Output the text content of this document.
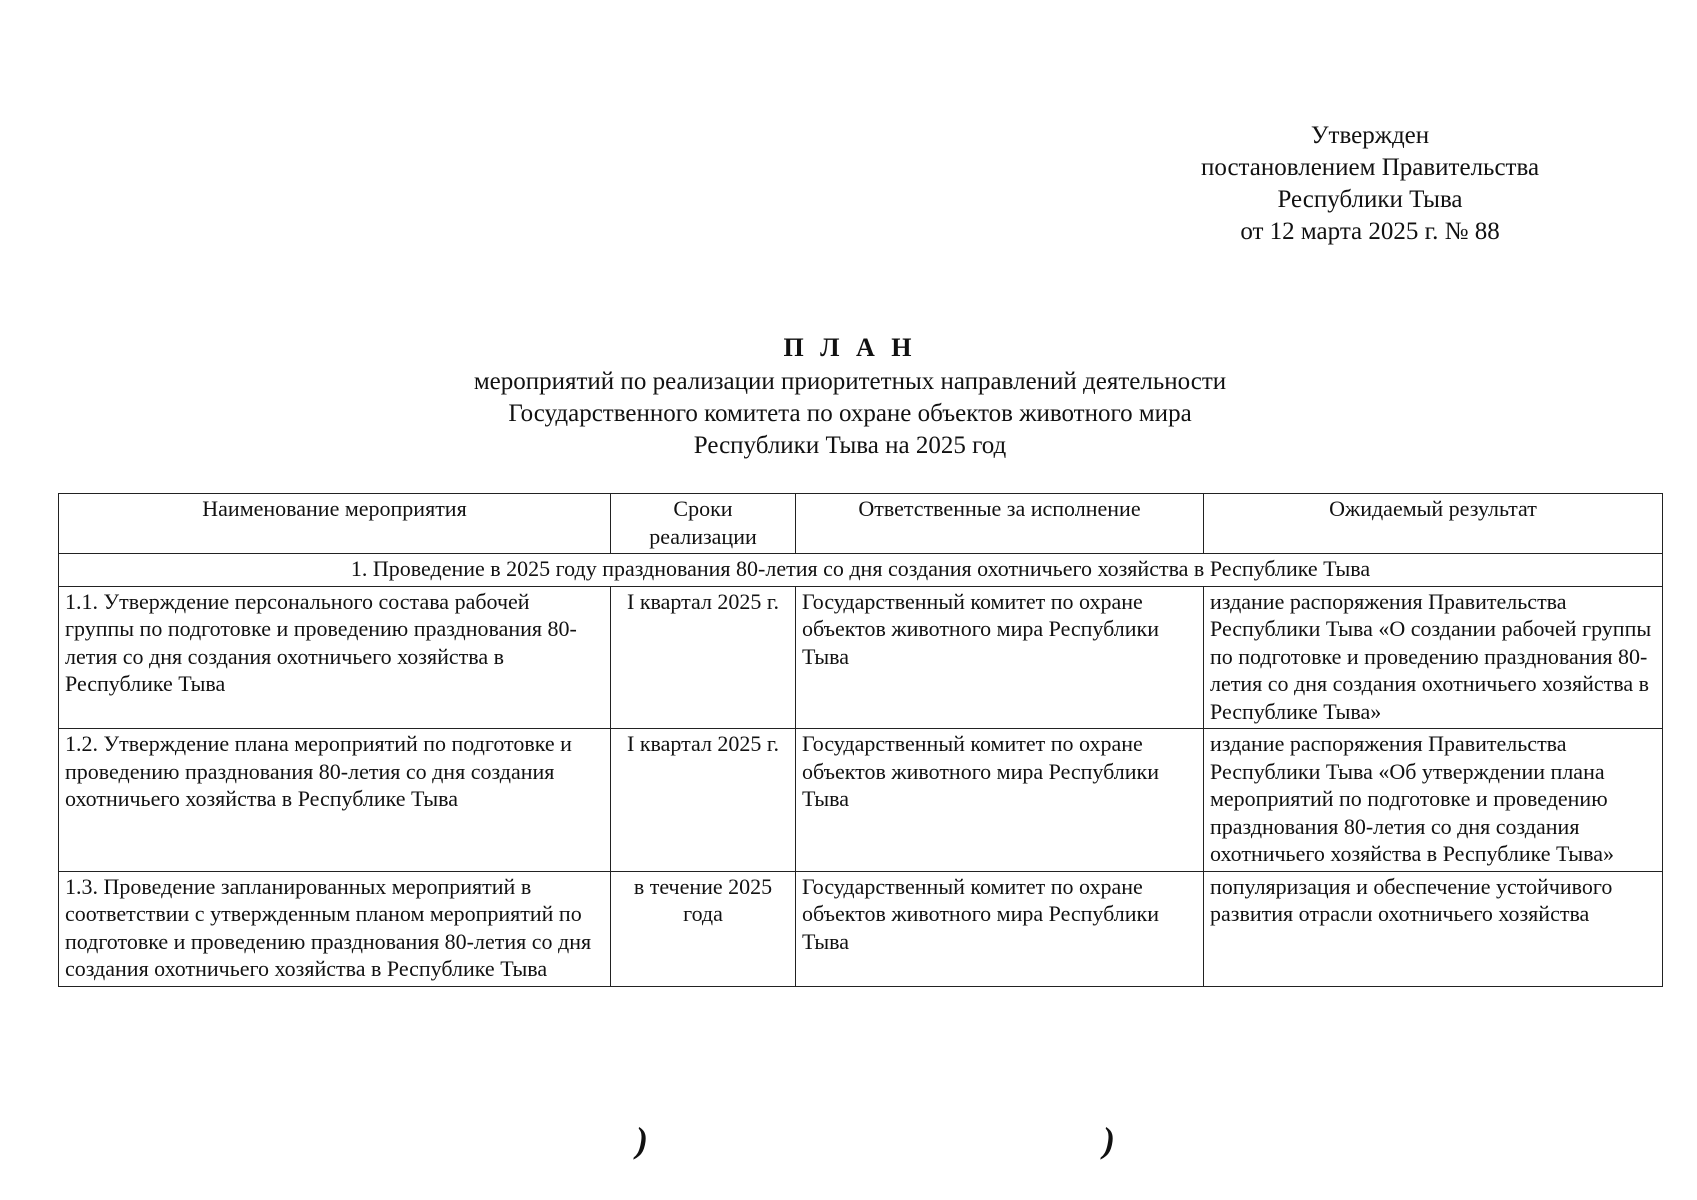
Утвержден
постановлением Правительства
Республики Тыва
от 12 марта 2025 г. № 88
П Л А Н
мероприятий по реализации приоритетных направлений деятельности
Государственного комитета по охране объектов животного мира
Республики Тыва на 2025 год
Наименование мероприятия	Сроки реализации	Ответственные за исполнение	Ожидаемый результат
1. Проведение в 2025 году празднования 80-летия со дня создания охотничьего хозяйства в Республике Тыва			
1.1. Утверждение персонального состава рабочей группы по подготовке и проведению празднования 80-летия со дня создания охотничьего хозяйства в Республике Тыва	I квартал 2025 г.	Государственный комитет по охране объектов животного мира Республики Тыва	издание распоряжения Правительства Республики Тыва «О создании рабочей группы по подготовке и проведению празднования 80-летия со дня создания охотничьего хозяйства в Республике Тыва»
1.2. Утверждение плана мероприятий по подготовке и проведению празднования 80-летия со дня создания охотничьего хозяйства в Республике Тыва	I квартал 2025 г.	Государственный комитет по охране объектов животного мира Республики Тыва	издание распоряжения Правительства Республики Тыва «Об утверждении плана мероприятий по подготовке и проведению празднования 80-летия со дня создания охотничьего хозяйства в Республике Тыва»
1.3. Проведение запланированных мероприятий в соответствии с утвержденным планом мероприятий по подготовке и проведению празднования 80-летия со дня создания охотничьего хозяйства в Республике Тыва	в течение 2025 года	Государственный комитет по охране объектов животного мира Республики Тыва	популяризация и обеспечение устойчивого развития отрасли охотничьего хозяйства
)	)
